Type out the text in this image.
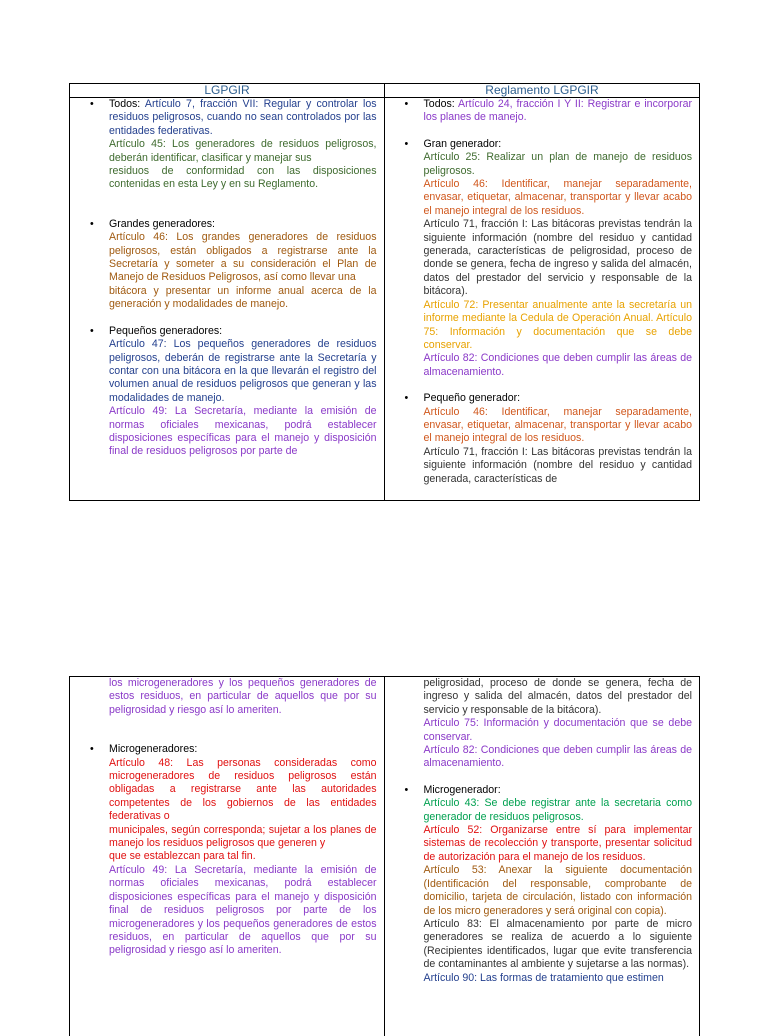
LGPGIR	Reglamento LGPGIR

• Todos: Artículo 7, fracción VII: Regular y controlar los residuos peligrosos, cuando no sean controlados por las entidades federativas.

Artículo 45: Los generadores de residuos peligrosos, deberán identificar, clasificar y manejar sus

residuos de conformidad con las disposiciones contenidas en esta Ley y en su Reglamento.

• Grandes generadores:

Artículo 46: Los grandes generadores de residuos peligrosos, están obligados a registrarse ante la Secretaría y someter a su consideración el Plan de Manejo de Residuos Peligrosos, así como llevar una

bitácora y presentar un informe anual acerca de la generación y modalidades de manejo.

• Pequeños generadores:

Artículo 47: Los pequeños generadores de residuos peligrosos, deberán de registrarse ante la Secretaría y contar con una bitácora en la que llevarán el registro del volumen anual de residuos peligrosos que generan y las modalidades de manejo.

Artículo 49: La Secretaría, mediante la emisión de normas oficiales mexicanas, podrá establecer disposiciones específicas para el manejo y disposición final de residuos peligrosos por parte de

• Todos: Artículo 24, fracción I Y II: Registrar e incorporar los planes de manejo.

• Gran generador:

Artículo 25: Realizar un plan de manejo de residuos peligrosos.

Artículo 46: Identificar, manejar separadamente, envasar, etiquetar, almacenar, transportar y llevar acabo el manejo integral de los residuos.

Artículo 71, fracción I: Las bitácoras previstas tendrán la siguiente información (nombre del residuo y cantidad generada, características de peligrosidad, proceso de donde se genera, fecha de ingreso y salida del almacén, datos del prestador del servicio y responsable de la bitácora).

Artículo 72: Presentar anualmente ante la secretaría un informe mediante la Cedula de Operación Anual. Artículo 75: Información y documentación que se debe conservar.

Artículo 82: Condiciones que deben cumplir las áreas de almacenamiento.

• Pequeño generador:

Artículo 46: Identificar, manejar separadamente, envasar, etiquetar, almacenar, transportar y llevar acabo el manejo integral de los residuos.

Artículo 71, fracción I: Las bitácoras previstas tendrán la siguiente información (nombre del residuo y cantidad generada, características de

los microgeneradores y los pequeños generadores de estos residuos, en particular de aquellos que por su peligrosidad y riesgo así lo ameriten.

• Microgeneradores:

Artículo 48: Las personas consideradas como microgeneradores de residuos peligrosos están obligadas a registrarse ante las autoridades competentes de los gobiernos de las entidades federativas o

municipales, según corresponda; sujetar a los planes de manejo los residuos peligrosos que generen y

que se establezcan para tal fin.

Artículo 49: La Secretaría, mediante la emisión de normas oficiales mexicanas, podrá establecer disposiciones específicas para el manejo y disposición final de residuos peligrosos por parte de los microgeneradores y los pequeños generadores de estos residuos, en particular de aquellos que por su peligrosidad y riesgo así lo ameriten.

peligrosidad, proceso de donde se genera, fecha de ingreso y salida del almacén, datos del prestador del servicio y responsable de la bitácora).

Artículo 75: Información y documentación que se debe conservar.

Artículo 82: Condiciones que deben cumplir las áreas de almacenamiento.

• Microgenerador:

Artículo 43: Se debe registrar ante la secretaria como generador de residuos peligrosos.

Artículo 52: Organizarse entre sí para implementar sistemas de recolección y transporte, presentar solicitud de autorización para el manejo de los residuos.

Artículo 53: Anexar la siguiente documentación (Identificación del responsable, comprobante de domicilio, tarjeta de circulación, listado con información de los micro generadores y será original con copia).

Artículo 83: El almacenamiento por parte de micro generadores se realiza de acuerdo a lo siguiente (Recipientes identificados, lugar que evite transferencia de contaminantes al ambiente y sujetarse a las normas).

Artículo 90: Las formas de tratamiento que estimen
